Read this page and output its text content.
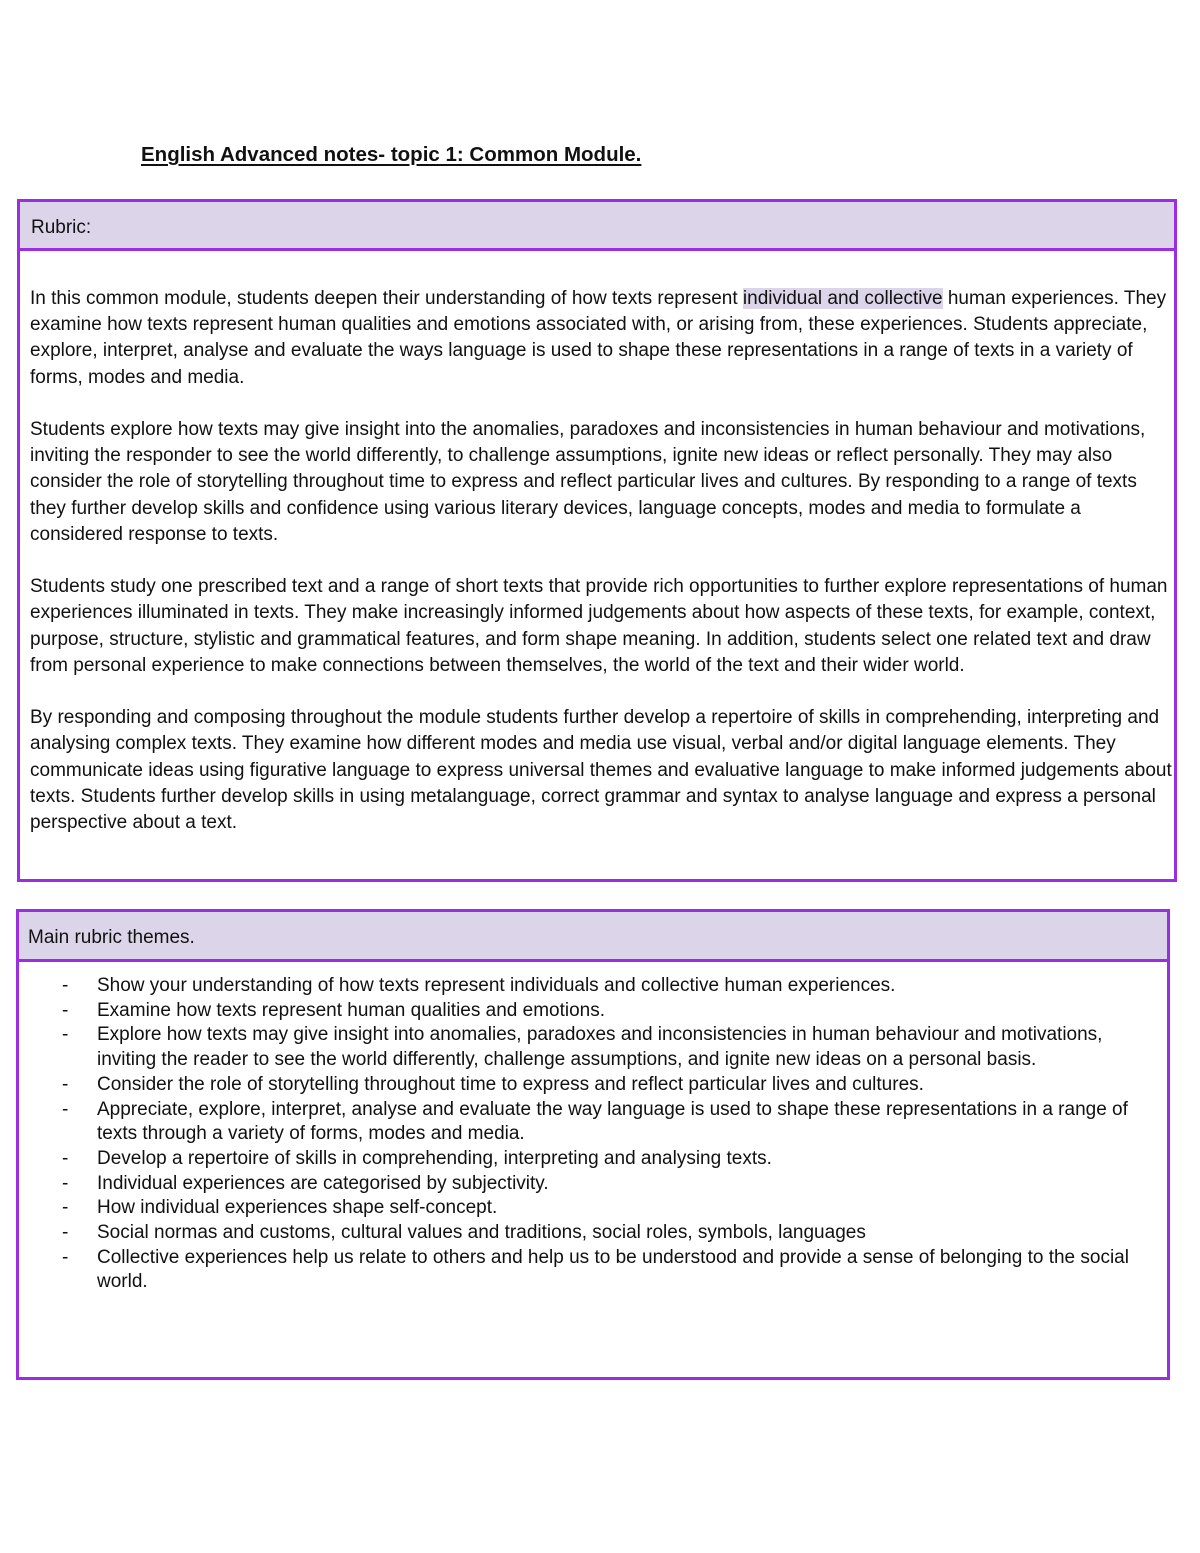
English Advanced notes- topic 1: Common Module.
Rubric:

In this common module, students deepen their understanding of how texts represent individual and collective human experiences. They examine how texts represent human qualities and emotions associated with, or arising from, these experiences. Students appreciate, explore, interpret, analyse and evaluate the ways language is used to shape these representations in a range of texts in a variety of forms, modes and media.

Students explore how texts may give insight into the anomalies, paradoxes and inconsistencies in human behaviour and motivations, inviting the responder to see the world differently, to challenge assumptions, ignite new ideas or reflect personally. They may also consider the role of storytelling throughout time to express and reflect particular lives and cultures. By responding to a range of texts they further develop skills and confidence using various literary devices, language concepts, modes and media to formulate a considered response to texts.

Students study one prescribed text and a range of short texts that provide rich opportunities to further explore representations of human experiences illuminated in texts. They make increasingly informed judgements about how aspects of these texts, for example, context, purpose, structure, stylistic and grammatical features, and form shape meaning. In addition, students select one related text and draw from personal experience to make connections between themselves, the world of the text and their wider world.

By responding and composing throughout the module students further develop a repertoire of skills in comprehending, interpreting and analysing complex texts. They examine how different modes and media use visual, verbal and/or digital language elements. They communicate ideas using figurative language to express universal themes and evaluative language to make informed judgements about texts. Students further develop skills in using metalanguage, correct grammar and syntax to analyse language and express a personal perspective about a text.

Main rubric themes.
- Show your understanding of how texts represent individuals and collective human experiences.
- Examine how texts represent human qualities and emotions.
- Explore how texts may give insight into anomalies, paradoxes and inconsistencies in human behaviour and motivations, inviting the reader to see the world differently, challenge assumptions, and ignite new ideas on a personal basis.
- Consider the role of storytelling throughout time to express and reflect particular lives and cultures.
- Appreciate, explore, interpret, analyse and evaluate the way language is used to shape these representations in a range of texts through a variety of forms, modes and media.
- Develop a repertoire of skills in comprehending, interpreting and analysing texts.
- Individual experiences are categorised by subjectivity.
- How individual experiences shape self-concept.
- Social normas and customs, cultural values and traditions, social roles, symbols, languages
- Collective experiences help us relate to others and help us to be understood and provide a sense of belonging to the social world.
